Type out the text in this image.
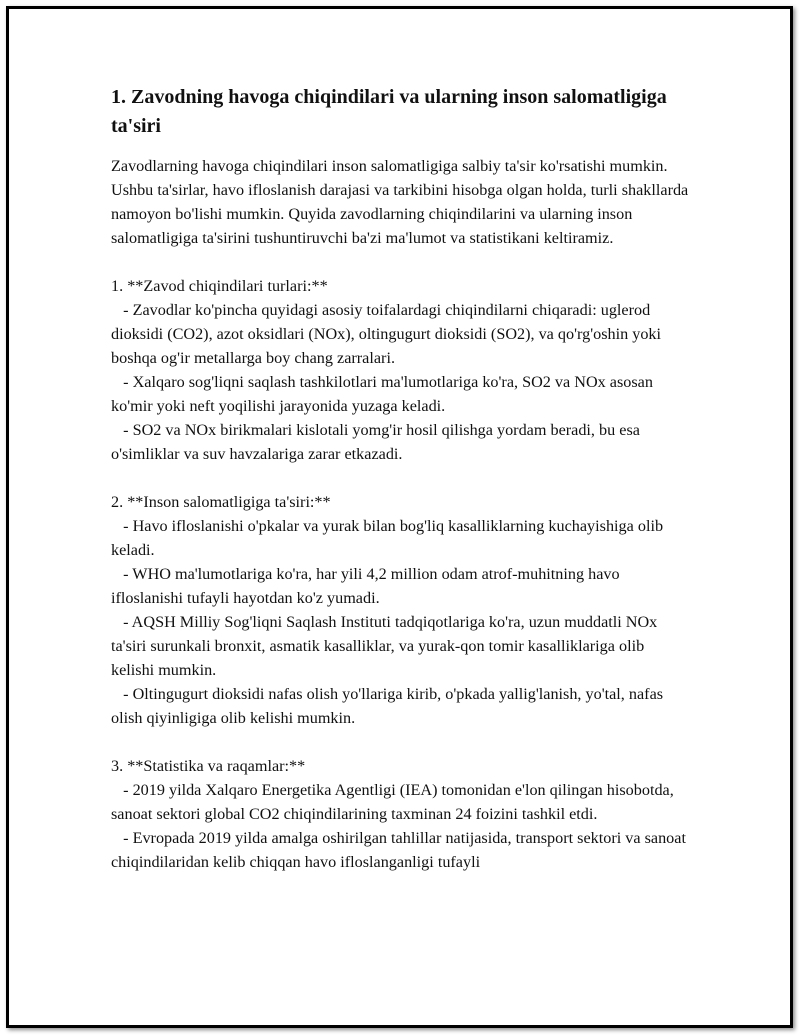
1. Zavodning havoga chiqindilari va ularning inson salomatligiga ta'siri

Zavodlarning havoga chiqindilari inson salomatligiga salbiy ta'sir ko'rsatishi mumkin. Ushbu ta'sirlar, havo ifloslanish darajasi va tarkibini hisobga olgan holda, turli shakllarda namoyon bo'lishi mumkin. Quyida zavodlarning chiqindilarini va ularning inson salomatligiga ta'sirini tushuntiruvchi ba'zi ma'lumot va statistikani keltiramiz.

1. **Zavod chiqindilari turlari:**
- Zavodlar ko'pincha quyidagi asosiy toifalardagi chiqindilarni chiqaradi: uglerod dioksidi (CO2), azot oksidlari (NOx), oltingugurt dioksidi (SO2), va qo'rg'oshin yoki boshqa og'ir metallarga boy chang zarralari.
- Xalqaro sog'liqni saqlash tashkilotlari ma'lumotlariga ko'ra, SO2 va NOx asosan ko'mir yoki neft yoqilishi jarayonida yuzaga keladi.
- SO2 va NOx birikmalari kislotali yomg'ir hosil qilishga yordam beradi, bu esa o'simliklar va suv havzalariga zarar etkazadi.

2. **Inson salomatligiga ta'siri:**
- Havo ifloslanishi o'pkalar va yurak bilan bog'liq kasalliklarning kuchayishiga olib keladi.
- WHO ma'lumotlariga ko'ra, har yili 4,2 million odam atrof-muhitning havo ifloslanishi tufayli hayotdan ko'z yumadi.
- AQSH Milliy Sog'liqni Saqlash Instituti tadqiqotlariga ko'ra, uzun muddatli NOx ta'siri surunkali bronxit, asmatik kasalliklar, va yurak-qon tomir kasalliklariga olib kelishi mumkin.
- Oltingugurt dioksidi nafas olish yo'llariga kirib, o'pkada yallig'lanish, yo'tal, nafas olish qiyinligiga olib kelishi mumkin.

3. **Statistika va raqamlar:**
- 2019 yilda Xalqaro Energetika Agentligi (IEA) tomonidan e'lon qilingan hisobotda, sanoat sektori global CO2 chiqindilarining taxminan 24 foizini tashkil etdi.
- Evropada 2019 yilda amalga oshirilgan tahlillar natijasida, transport sektori va sanoat chiqindilaridan kelib chiqqan havo ifloslanganligi tufayli
